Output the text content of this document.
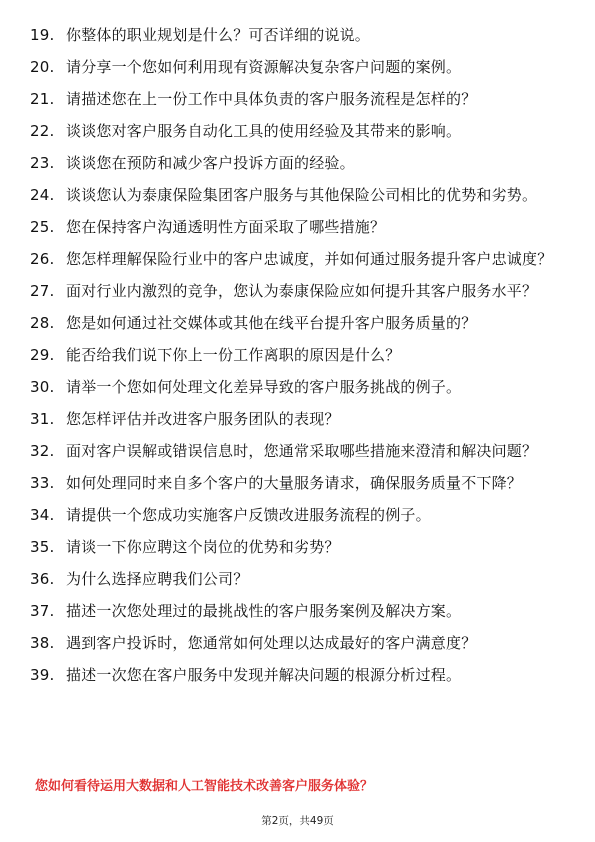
19. 你整体的职业规划是什么？可否详细的说说。
20. 请分享一个您如何利用现有资源解决复杂客户问题的案例。
21. 请描述您在上一份工作中具体负责的客户服务流程是怎样的？
22. 谈谈您对客户服务自动化工具的使用经验及其带来的影响。
23. 谈谈您在预防和减少客户投诉方面的经验。
24. 谈谈您认为泰康保险集团客户服务与其他保险公司相比的优势和劣势。
25. 您在保持客户沟通透明性方面采取了哪些措施？
26. 您怎样理解保险行业中的客户忠诚度，并如何通过服务提升客户忠诚度？
27. 面对行业内激烈的竞争，您认为泰康保险应如何提升其客户服务水平？
28. 您是如何通过社交媒体或其他在线平台提升客户服务质量的？
29. 能否给我们说下你上一份工作离职的原因是什么？
30. 请举一个您如何处理文化差异导致的客户服务挑战的例子。
31. 您怎样评估并改进客户服务团队的表现？
32. 面对客户误解或错误信息时，您通常采取哪些措施来澄清和解决问题？
33. 如何处理同时来自多个客户的大量服务请求，确保服务质量不下降？
34. 请提供一个您成功实施客户反馈改进服务流程的例子。
35. 请谈一下你应聘这个岗位的优势和劣势？
36. 为什么选择应聘我们公司？
37. 描述一次您处理过的最挑战性的客户服务案例及解决方案。
38. 遇到客户投诉时，您通常如何处理以达成最好的客户满意度？
39. 描述一次您在客户服务中发现并解决问题的根源分析过程。
您如何看待运用大数据和人工智能技术改善客户服务体验？
第2页，共49页
